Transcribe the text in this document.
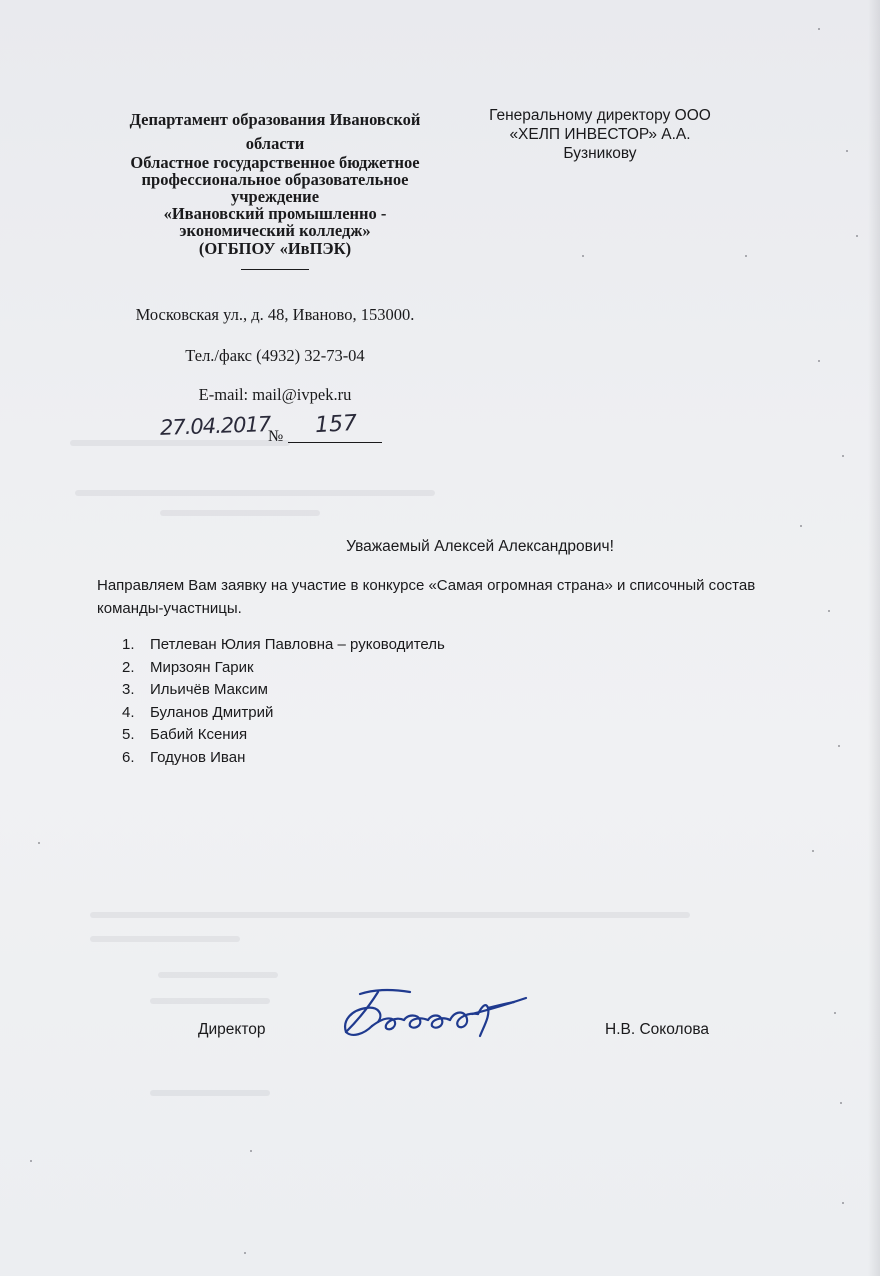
Департамент образования Ивановской
области
Областное государственное бюджетное
профессиональное образовательное
учреждение
«Ивановский промышленно -
экономический колледж»
(ОГБПОУ «ИвПЭК)
Московская ул., д. 48, Иваново, 153000.
Тел./факс (4932) 32-73-04
E-mail: mail@ivpek.ru
27.04.2017
№ 157
Генеральному директору ООО
«ХЕЛП ИНВЕСТОР» А.А.
Бузникову
Уважаемый Алексей Александрович!
Направляем Вам заявку на участие в конкурсе «Самая огромная страна» и списочный состав команды-участницы.
1.	Петлеван Юлия Павловна – руководитель
2.	Мирзоян Гарик
3.	Ильичёв Максим
4.	Буланов Дмитрий
5.	Бабий Ксения
6.	Годунов Иван
Директор	Н.В. Соколова
